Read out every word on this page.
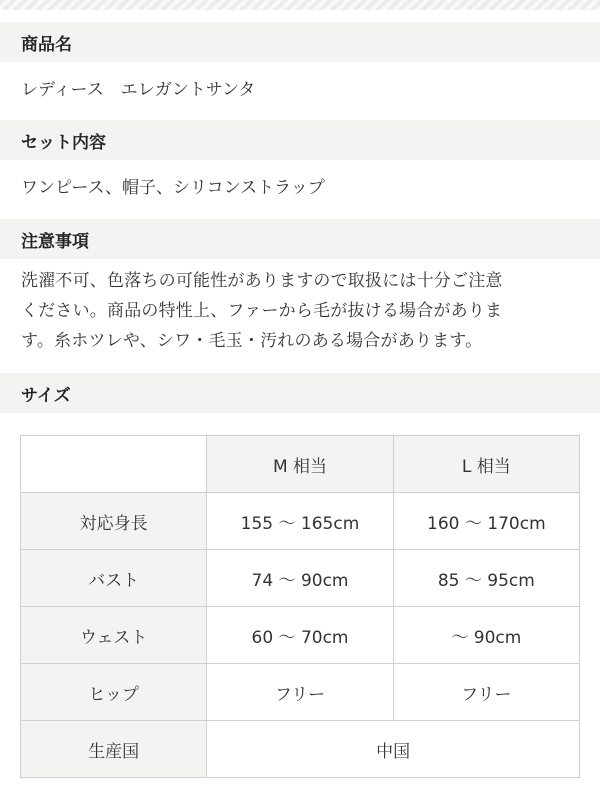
商品名
レディース　エレガントサンタ
セット内容
ワンピース、帽子、シリコンストラップ
注意事項
洗濯不可、色落ちの可能性がありますので取扱には十分ご注意
ください。商品の特性上、ファーから毛が抜ける場合がありま
す。糸ホツレや、シワ・毛玉・汚れのある場合があります。
サイズ
	M 相当	L 相当
対応身長	155 〜 165cm	160 〜 170cm
バスト	74 〜 90cm	85 〜 95cm
ウェスト	60 〜 70cm	〜 90cm
ヒップ	フリー	フリー
生産国	中国	
